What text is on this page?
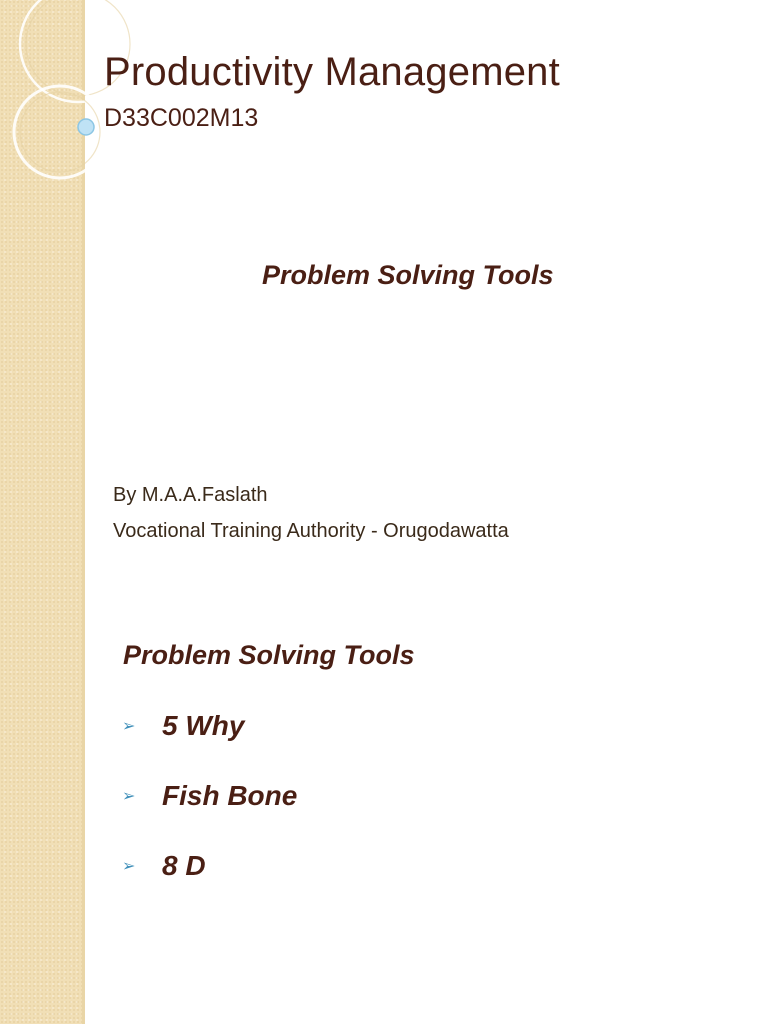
Productivity Management
D33C002M13
Problem Solving Tools
By M.A.A.Faslath
Vocational Training Authority - Orugodawatta
Problem Solving Tools
➢ 5 Why
➢ Fish Bone
➢ 8 D
